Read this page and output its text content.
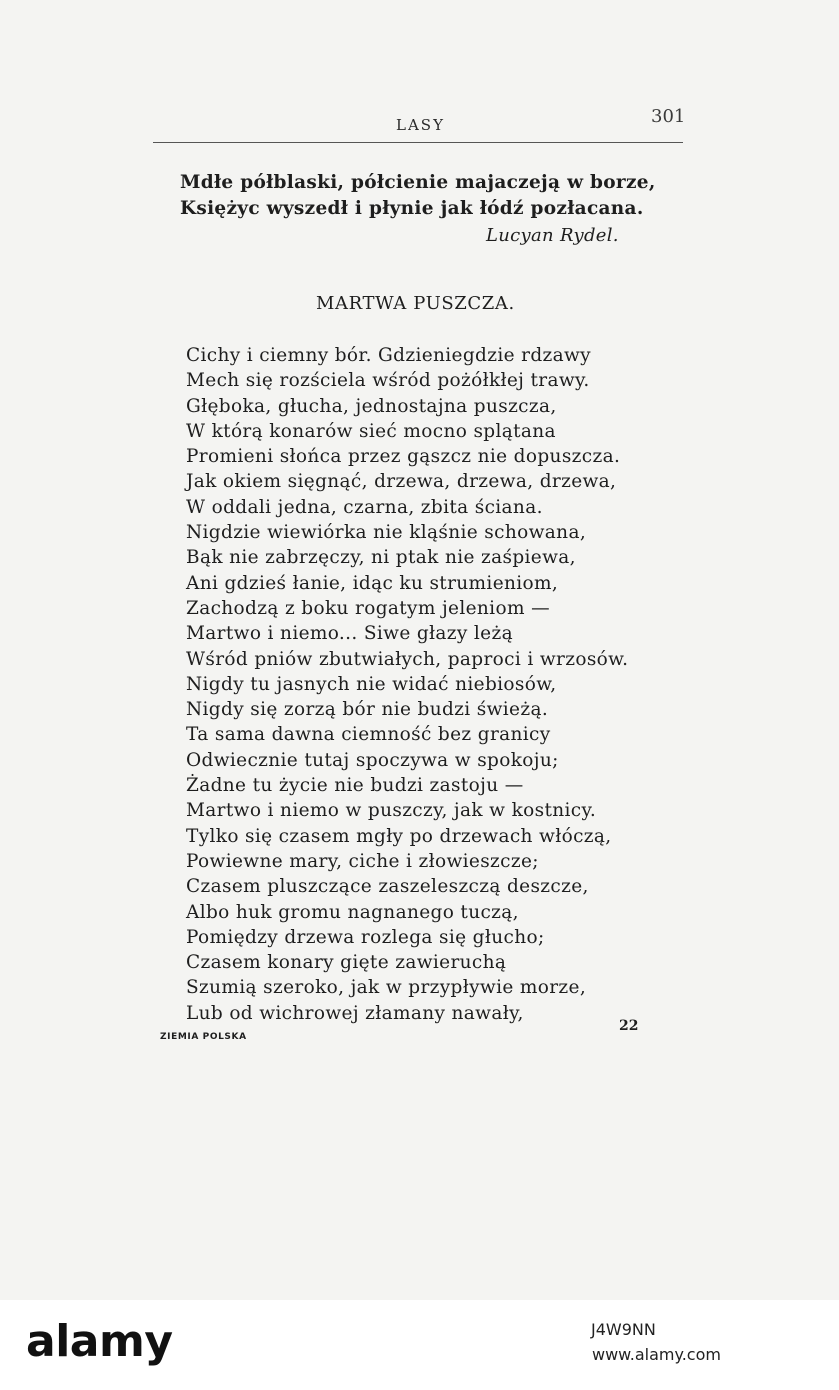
LASY	301
Mdłe półblaski, półcienie majaczeją w borze,
Księżyc wyszedł i płynie jak łódź pozłacana.
Lucyan Rydel.
MARTWA PUSZCZA.
Cichy i ciemny bór. Gdzieniegdzie rdzawy
Mech się rozściela wśród pożółkłej trawy.
Głęboka, głucha, jednostajna puszcza,
W którą konarów sieć mocno splątana
Promieni słońca przez gąszcz nie dopuszcza.
Jak okiem sięgnąć, drzewa, drzewa, drzewa,
W oddali jedna, czarna, zbita ściana.
Nigdzie wiewiórka nie kląśnie schowana,
Bąk nie zabrzęczy, ni ptak nie zaśpiewa,
Ani gdzieś łanie, idąc ku strumieniom,
Zachodzą z boku rogatym jeleniom —
Martwo i niemo... Siwe głazy leżą
Wśród pniów zbutwiałych, paproci i wrzosów.
Nigdy tu jasnych nie widać niebiosów,
Nigdy się zorzą bór nie budzi świeżą.
Ta sama dawna ciemność bez granicy
Odwiecznie tutaj spoczywa w spokoju;
Żadne tu życie nie budzi zastoju —
Martwo i niemo w puszczy, jak w kostnicy.
Tylko się czasem mgły po drzewach włóczą,
Powiewne mary, ciche i złowieszcze;
Czasem pluszczące zaszeleszczą deszcze,
Albo huk gromu nagnanego tuczą,
Pomiędzy drzewa rozlega się głucho;
Czasem konary gięte zawieruchą
Szumią szeroko, jak w przypływie morze,
Lub od wichrowej złamany nawały,
ZIEMIA POLSKA
22
alamy	J4W9NN
www.alamy.com
